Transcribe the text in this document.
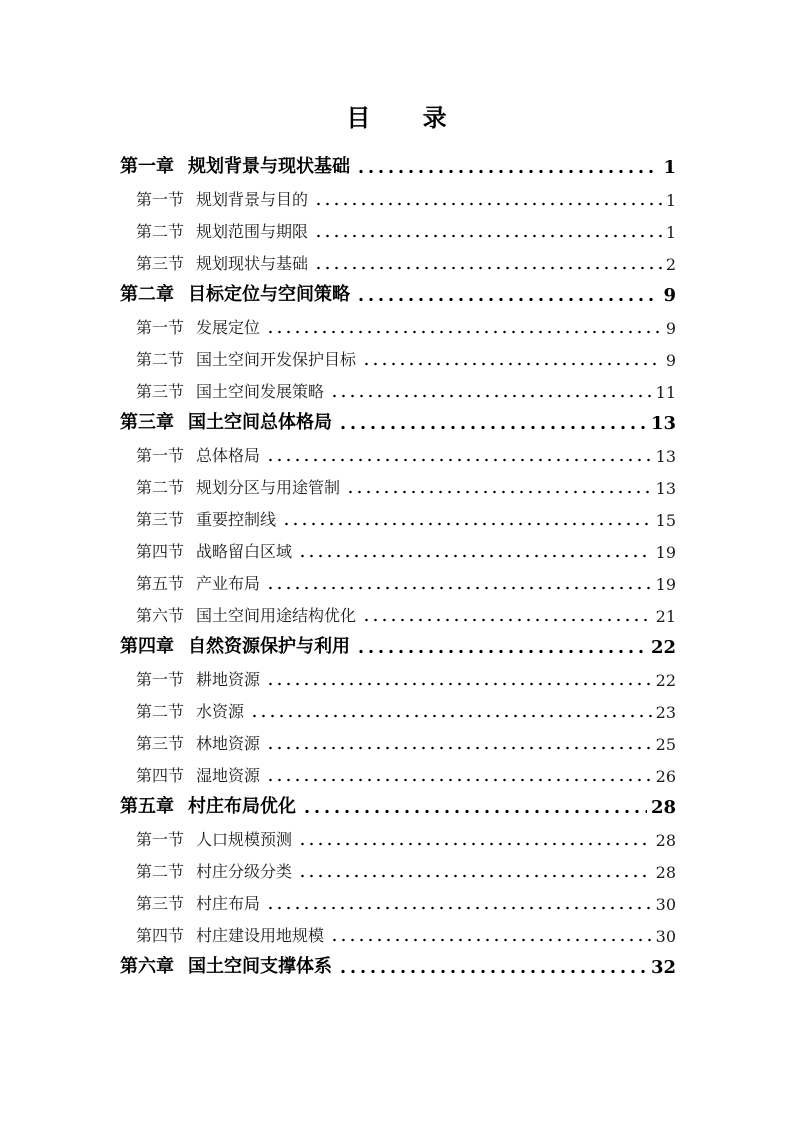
目 录
第一章 规划背景与现状基础	1
第一节 规划背景与目的	1
第二节 规划范围与期限	1
第三节 规划现状与基础	2
第二章 目标定位与空间策略	9
第一节 发展定位	9
第二节 国土空间开发保护目标	9
第三节 国土空间发展策略	11
第三章 国土空间总体格局	13
第一节 总体格局	13
第二节 规划分区与用途管制	13
第三节 重要控制线	15
第四节 战略留白区域	19
第五节 产业布局	19
第六节 国土空间用途结构优化	21
第四章 自然资源保护与利用	22
第一节 耕地资源	22
第二节 水资源	23
第三节 林地资源	25
第四节 湿地资源	26
第五章 村庄布局优化	28
第一节 人口规模预测	28
第二节 村庄分级分类	28
第三节 村庄布局	30
第四节 村庄建设用地规模	30
第六章 国土空间支撑体系	32
